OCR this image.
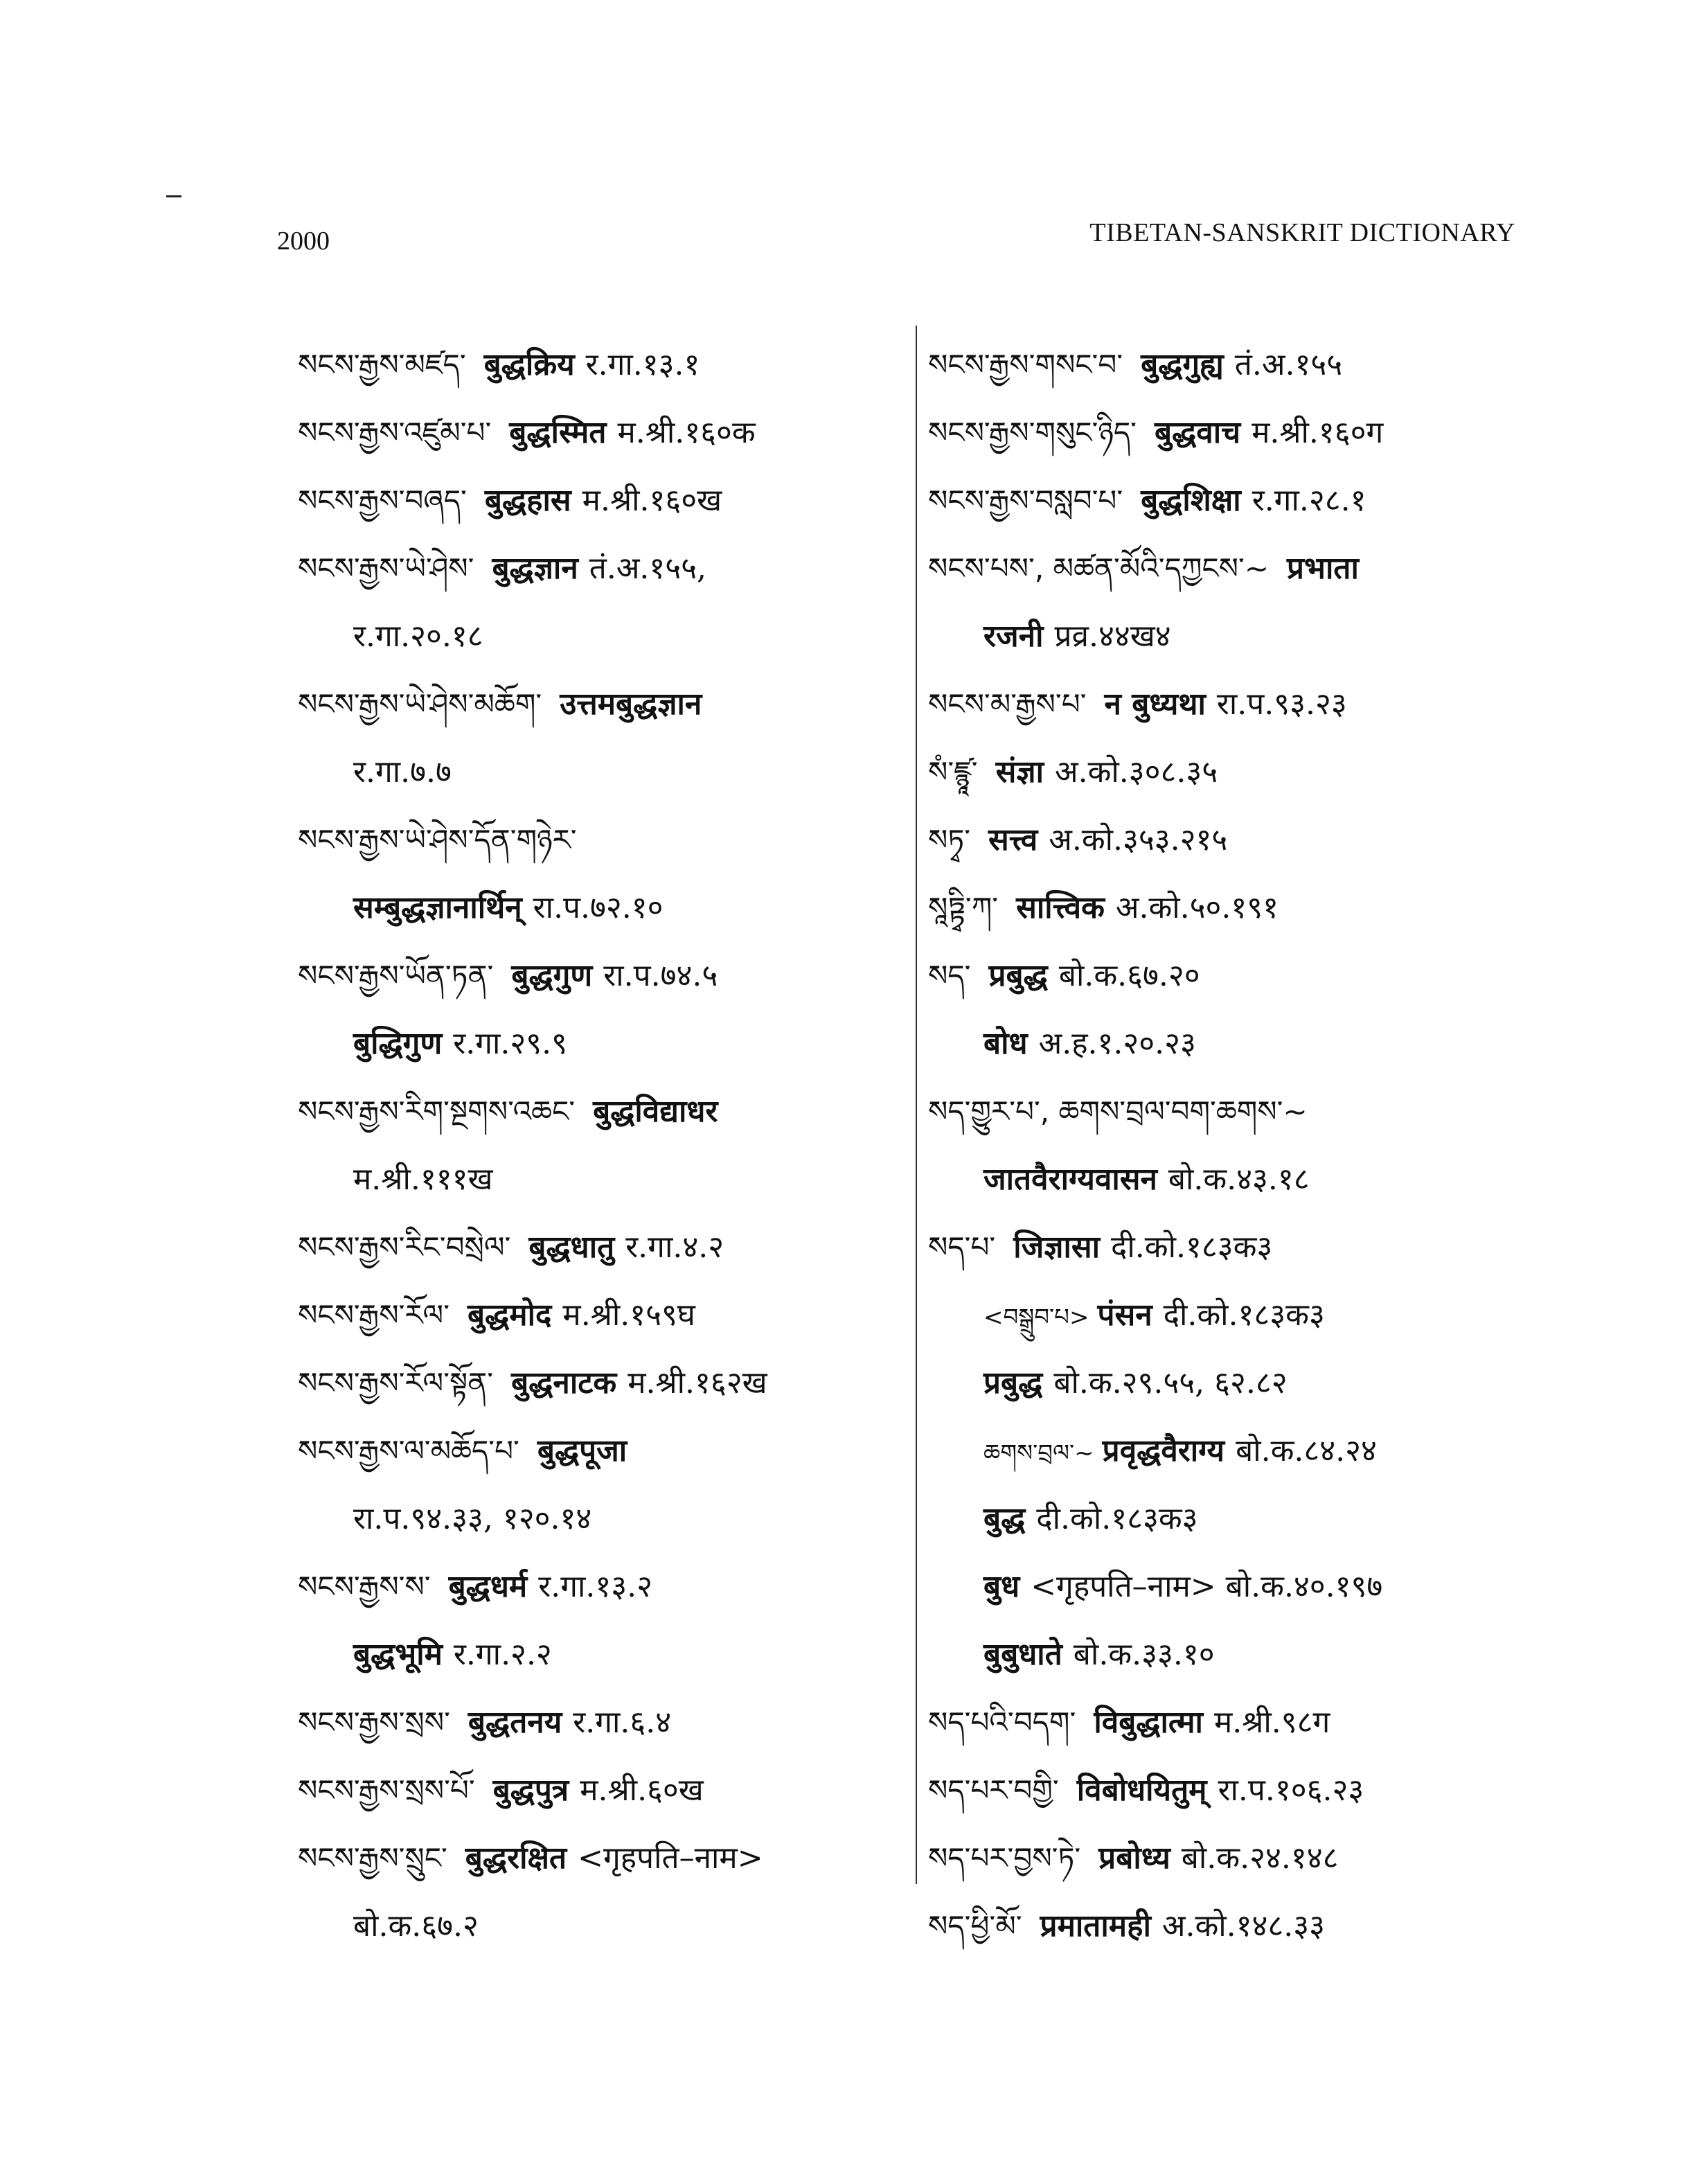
2000	TIBETAN-SANSKRIT DICTIONARY
སངས་རྒྱས་མཛད་ बुद्धक्रिय र.गा.१३.१
སངས་རྒྱས་འཛུམ་པ་ बुद्धस्मित म.श्री.१६०क
སངས་རྒྱས་བཞད་ बुद्धहास म.श्री.१६०ख
སངས་རྒྱས་ཡེ་ཤེས་ बुद्धज्ञान तं.अ.१५५,
र.गा.२०.१८
སངས་རྒྱས་ཡེ་ཤེས་མཆོག་ उत्तमबुद्धज्ञान
र.गा.७.७
སངས་རྒྱས་ཡེ་ཤེས་དོན་གཉེར་
सम्बुद्धज्ञानार्थिन् रा.प.७२.१०
སངས་རྒྱས་ཡོན་ཏན་ बुद्धगुण रा.प.७४.५
बुद्धिगुण र.गा.२९.९
སངས་རྒྱས་རིག་སྔགས་འཆང་ बुद्धविद्याधर
म.श्री.१११ख
སངས་རྒྱས་རིང་བསྲེལ་ बुद्धधातु र.गा.४.२
སངས་རྒྱས་རོལ་ बुद्धमोद म.श्री.१५९घ
སངས་རྒྱས་རོལ་སྟོན་ बुद्धनाटक म.श्री.१६२ख
སངས་རྒྱས་ལ་མཆོད་པ་ बुद्धपूजा
रा.प.९४.३३, १२०.१४
སངས་རྒྱས་ས་ बुद्धधर्म र.गा.१३.२
बुद्धभूमि र.गा.२.२
སངས་རྒྱས་སྲས་ बुद्धतनय र.गा.६.४
སངས་རྒྱས་སྲས་པོ་ बुद्धपुत्र म.श्री.६०ख
སངས་རྒྱས་སྲུང་ बुद्धरक्षित <गृहपति–नाम>
बो.क.६७.२
སངས་རྒྱས་གསང་བ་ बुद्धगुह्य तं.अ.१५५
སངས་རྒྱས་གསུང་ཉིད་ बुद्धवाच म.श्री.१६०ग
སངས་རྒྱས་བསླབ་པ་ बुद्धशिक्षा र.गा.२८.१
སངས་པས་, མཚན་མོའི་དཀྱངས་~ प्रभाता
रजनी प्रव्र.४४ख४
སངས་མ་རྒྱས་པ་ न बुध्यथा रा.प.९३.२३
སཾ་ཛྙཱ་ संज्ञा अ.को.३०८.३५
སཏྭ་ सत्त्व अ.को.३५३.२१५
སཱཏྟྭི་ཀ་ सात्त्विक अ.को.५०.१९१
སད་ प्रबुद्ध बो.क.६७.२०
बोध अ.ह.१.२०.२३
སད་གྱུར་པ་, ཆགས་བྲལ་བག་ཆགས་~
जातवैराग्यवासन बो.क.४३.१८
སད་པ་ जिज्ञासा दी.को.१८३क३
<བསྒྲུབ་པ> पंसन दी.को.१८३क३
प्रबुद्ध बो.क.२९.५५, ६२.८२
ཆགས་བྲལ་~ प्रवृद्धवैराग्य बो.क.८४.२४
बुद्ध दी.को.१८३क३
बुध <गृहपति–नाम> बो.क.४०.१९७
बुबुधाते बो.क.३३.१०
སད་པའི་བདག་ विबुद्धात्मा म.श्री.९८ग
སད་པར་བགྱི་ विबोधयितुम् रा.प.१०६.२३
སད་པར་བྱས་ཏེ་ प्रबोध्य बो.क.२४.१४८
སད་ཕྱི་མོ་ प्रमातामही अ.को.१४८.३३
